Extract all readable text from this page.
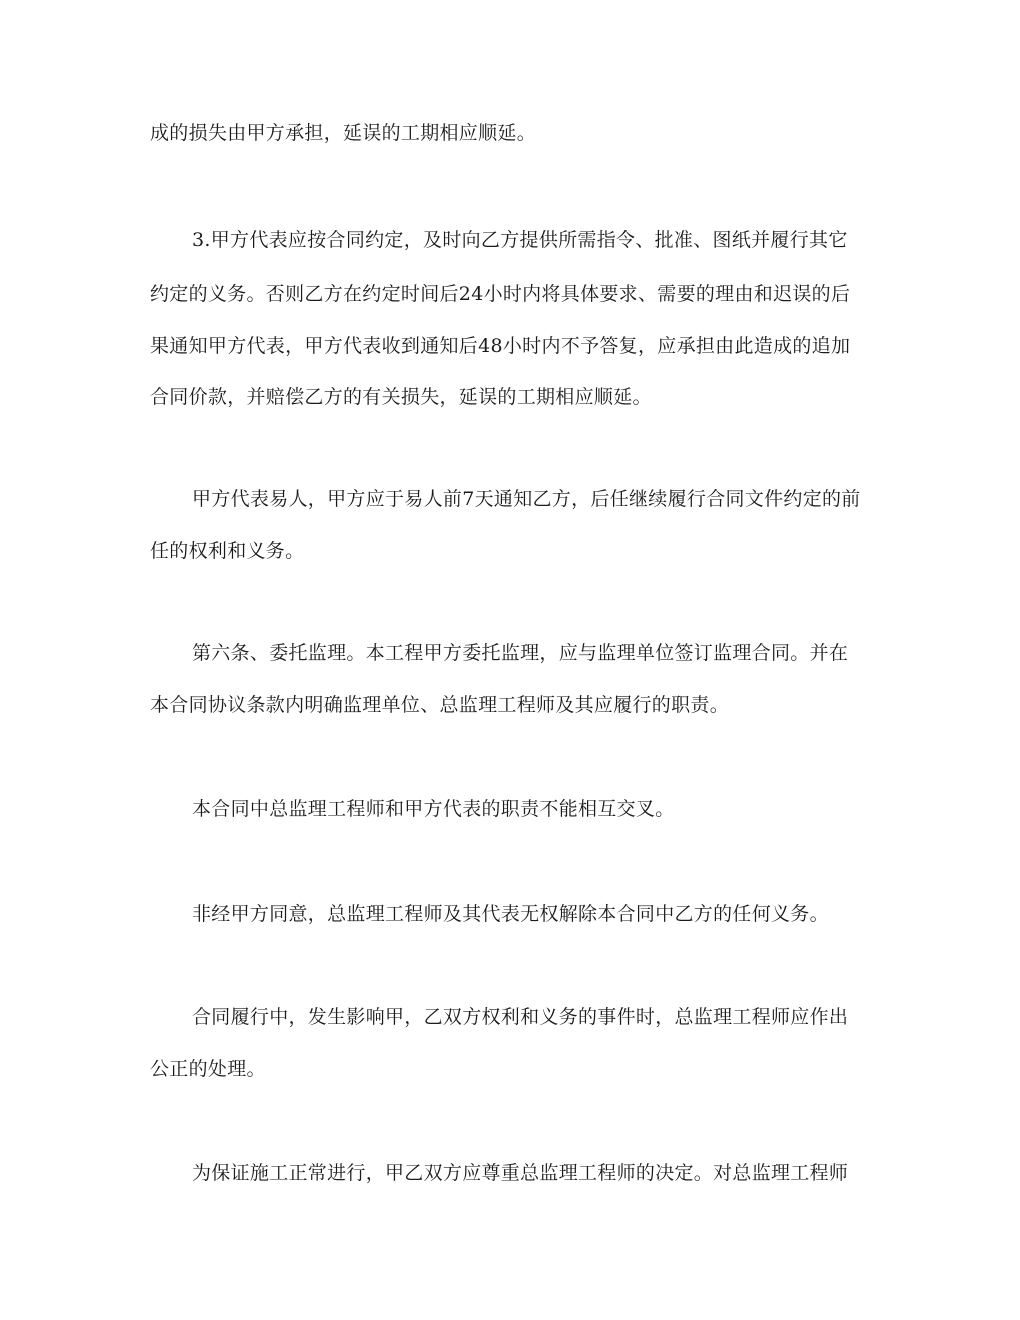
成的损失由甲方承担，延误的工期相应顺延。

3.甲方代表应按合同约定，及时向乙方提供所需指令、批准、图纸并履行其它

约定的义务。否则乙方在约定时间后24小时内将具体要求、需要的理由和迟误的后

果通知甲方代表，甲方代表收到通知后48小时内不予答复，应承担由此造成的追加

合同价款，并赔偿乙方的有关损失，延误的工期相应顺延。

甲方代表易人，甲方应于易人前7天通知乙方，后任继续履行合同文件约定的前

任的权利和义务。

第六条、委托监理。本工程甲方委托监理，应与监理单位签订监理合同。并在

本合同协议条款内明确监理单位、总监理工程师及其应履行的职责。

本合同中总监理工程师和甲方代表的职责不能相互交叉。

非经甲方同意，总监理工程师及其代表无权解除本合同中乙方的任何义务。

合同履行中，发生影响甲，乙双方权利和义务的事件时，总监理工程师应作出

公正的处理。

为保证施工正常进行，甲乙双方应尊重总监理工程师的决定。对总监理工程师
